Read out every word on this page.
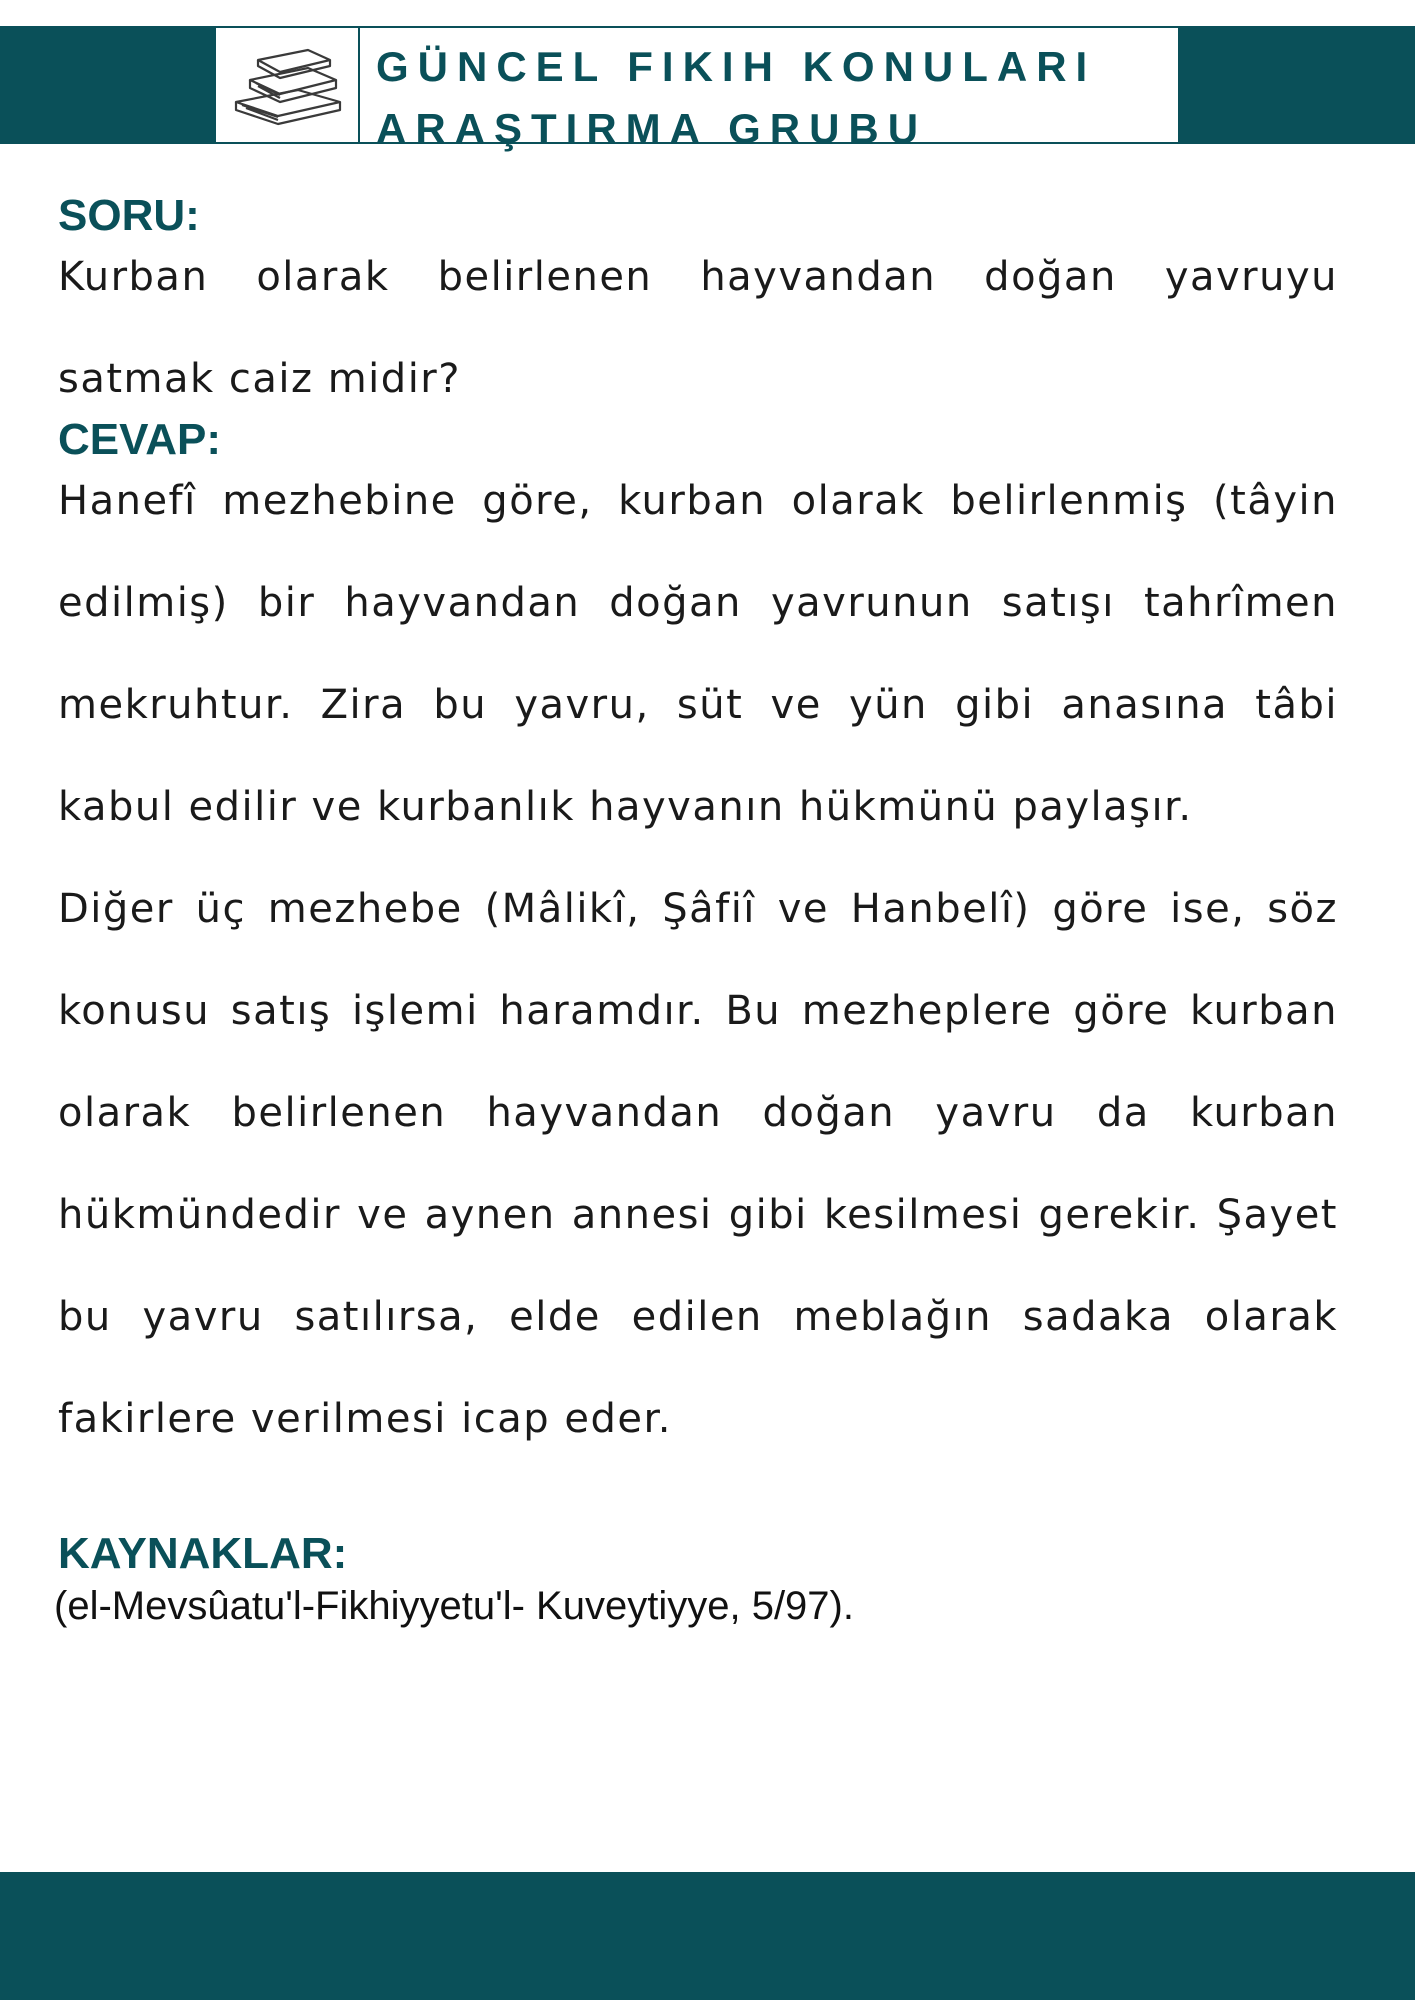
GÜNCEL FIKIH KONULARI
ARAŞTIRMA GRUBU
SORU:

Kurban olarak belirlenen hayvandan doğan yavruyu satmak caiz midir?

CEVAP:

Hanefî mezhebine göre, kurban olarak belirlenmiş (tâyin edilmiş) bir hayvandan doğan yavrunun satışı tahrîmen mekruhtur. Zira bu yavru, süt ve yün gibi anasına tâbi kabul edilir ve kurbanlık hayvanın hükmünü paylaşır.

Diğer üç mezhebe (Mâlikî, Şâfiî ve Hanbelî) göre ise, söz konusu satış işlemi haramdır. Bu mezheplere göre kurban olarak belirlenen hayvandan doğan yavru da kurban hükmündedir ve aynen annesi gibi kesilmesi gerekir. Şayet bu yavru satılırsa, elde edilen meblağın sadaka olarak fakirlere verilmesi icap eder.

KAYNAKLAR:

(el-Mevsûatu'l-Fikhiyyetu'l- Kuveytiyye, 5/97).
